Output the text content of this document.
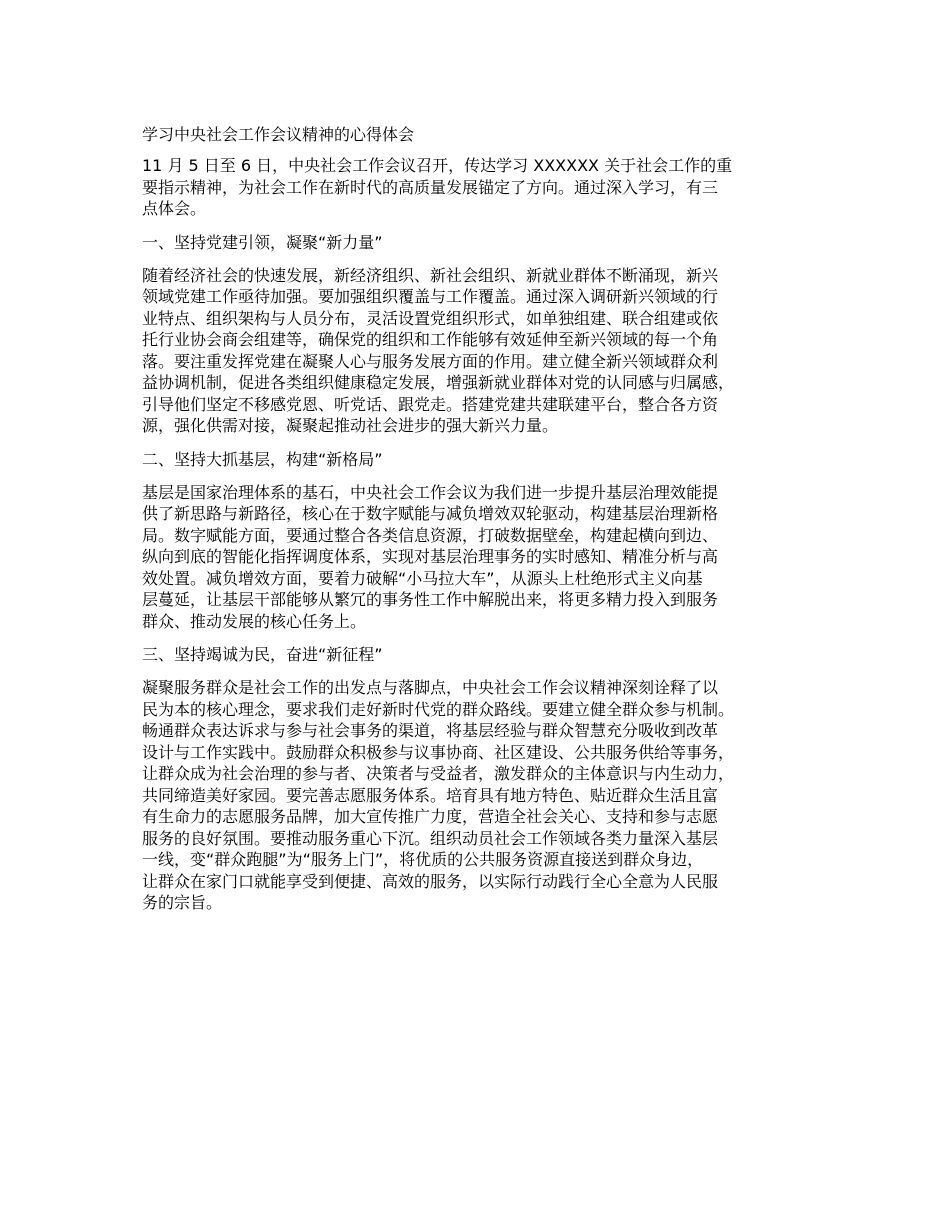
学习中央社会工作会议精神的心得体会
11 月 5 日至 6 日，中央社会工作会议召开，传达学习 XXXXXX 关于社会工作的重
要指示精神，为社会工作在新时代的高质量发展锚定了方向。通过深入学习，有三
点体会。
一、坚持党建引领，凝聚“新力量”
随着经济社会的快速发展，新经济组织、新社会组织、新就业群体不断涌现，新兴
领域党建工作亟待加强。要加强组织覆盖与工作覆盖。通过深入调研新兴领域的行
业特点、组织架构与人员分布，灵活设置党组织形式，如单独组建、联合组建或依
托行业协会商会组建等，确保党的组织和工作能够有效延伸至新兴领域的每一个角
落。要注重发挥党建在凝聚人心与服务发展方面的作用。建立健全新兴领域群众利
益协调机制，促进各类组织健康稳定发展，增强新就业群体对党的认同感与归属感，
引导他们坚定不移感党恩、听党话、跟党走。搭建党建共建联建平台，整合各方资
源，强化供需对接，凝聚起推动社会进步的强大新兴力量。
二、坚持大抓基层，构建“新格局”
基层是国家治理体系的基石，中央社会工作会议为我们进一步提升基层治理效能提
供了新思路与新路径，核心在于数字赋能与减负增效双轮驱动，构建基层治理新格
局。数字赋能方面，要通过整合各类信息资源，打破数据壁垒，构建起横向到边、
纵向到底的智能化指挥调度体系，实现对基层治理事务的实时感知、精准分析与高
效处置。减负增效方面，要着力破解“小马拉大车”，从源头上杜绝形式主义向基
层蔓延，让基层干部能够从繁冗的事务性工作中解脱出来，将更多精力投入到服务
群众、推动发展的核心任务上。
三、坚持竭诚为民，奋进“新征程”
凝聚服务群众是社会工作的出发点与落脚点，中央社会工作会议精神深刻诠释了以
民为本的核心理念，要求我们走好新时代党的群众路线。要建立健全群众参与机制。
畅通群众表达诉求与参与社会事务的渠道，将基层经验与群众智慧充分吸收到改革
设计与工作实践中。鼓励群众积极参与议事协商、社区建设、公共服务供给等事务，
让群众成为社会治理的参与者、决策者与受益者，激发群众的主体意识与内生动力，
共同缔造美好家园。要完善志愿服务体系。培育具有地方特色、贴近群众生活且富
有生命力的志愿服务品牌，加大宣传推广力度，营造全社会关心、支持和参与志愿
服务的良好氛围。要推动服务重心下沉。组织动员社会工作领域各类力量深入基层
一线，变“群众跑腿”为“服务上门”，将优质的公共服务资源直接送到群众身边，
让群众在家门口就能享受到便捷、高效的服务，以实际行动践行全心全意为人民服
务的宗旨。
